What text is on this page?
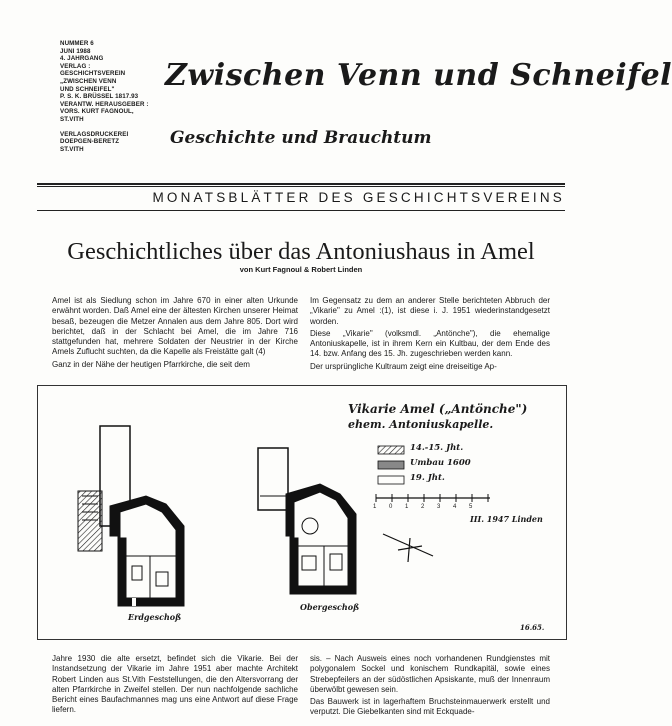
NUMMER 6
JUNI 1988
4. JAHRGANG
VERLAG :
GESCHICHTSVEREIN
„ZWISCHEN VENN
UND SCHNEIFEL"
P. S. K. BRÜSSEL 1817.93
VERANTW. HERAUSGEBER :
VORS. KURT FAGNOUL,
ST.VITH
VERLAGSDRUCKEREI
DOEPGEN-BERETZ
ST.VITH
Zwischen Venn und Schneifel
Geschichte und Brauchtum
MONATSBLÄTTER DES GESCHICHTSVEREINS
Geschichtliches über das Antoniushaus in Amel
von Kurt Fagnoul & Robert Linden

Amel ist als Siedlung schon im Jahre 670 in einer alten Urkunde erwähnt worden. Daß Amel eine der ältesten Kirchen unserer Heimat besaß, bezeugen die Metzer Annalen aus dem Jahre 805. Dort wird berichtet, daß in der Schlacht bei Amel, die im Jahre 716 stattgefunden hat, mehrere Soldaten der Neustrier in der Kirche Amels Zuflucht suchten, da die Kapelle als Freistätte galt (4)

Ganz in der Nähe der heutigen Pfarrkirche, die seit dem

Im Gegensatz zu dem an anderer Stelle berichteten Abbruch der „Vikarie" zu Amel :(1), ist diese i. J. 1951 wiederinstandgesetzt worden.

Diese „Vikarie" (volksmdl. „Antönche"), die ehemalige Antoniuskapelle, ist in ihrem Kern ein Kultbau, der dem Ende des 14. bzw. Anfang des 15. Jh. zugeschrieben werden kann.

Der ursprüngliche Kultraum zeigt eine dreiseitige Ap-

Vikarie Amel („Antönche")
ehem. Antoniuskapelle.
14.-15. Jht.
Umbau 1600
19. Jht.
1 0 1 2 3 4 5
III. 1947 Linden
Erdgeschoß
Obergeschoß
16.65.

Jahre 1930 die alte ersetzt, befindet sich die Vikarie. Bei der Instandsetzung der Vikarie im Jahre 1951 aber machte Architekt Robert Linden aus St.Vith Feststellungen, die den Altersvorrang der alten Pfarrkirche in Zweifel stellen. Der nun nachfolgende sachliche Bericht eines Baufachmannes mag uns eine Antwort auf diese Frage liefern.

sis. – Nach Ausweis eines noch vorhandenen Rundgienstes mit polygonalem Sockel und konischem Rundkapitäl, sowie eines Strebepfeilers an der südöstlichen Apsiskante, muß der Innenraum überwölbt gewesen sein.

Das Bauwerk ist in lagerhaftem Bruchsteinmauerwerk erstellt und verputzt. Die Giebelkanten sind mit Eckquade-
